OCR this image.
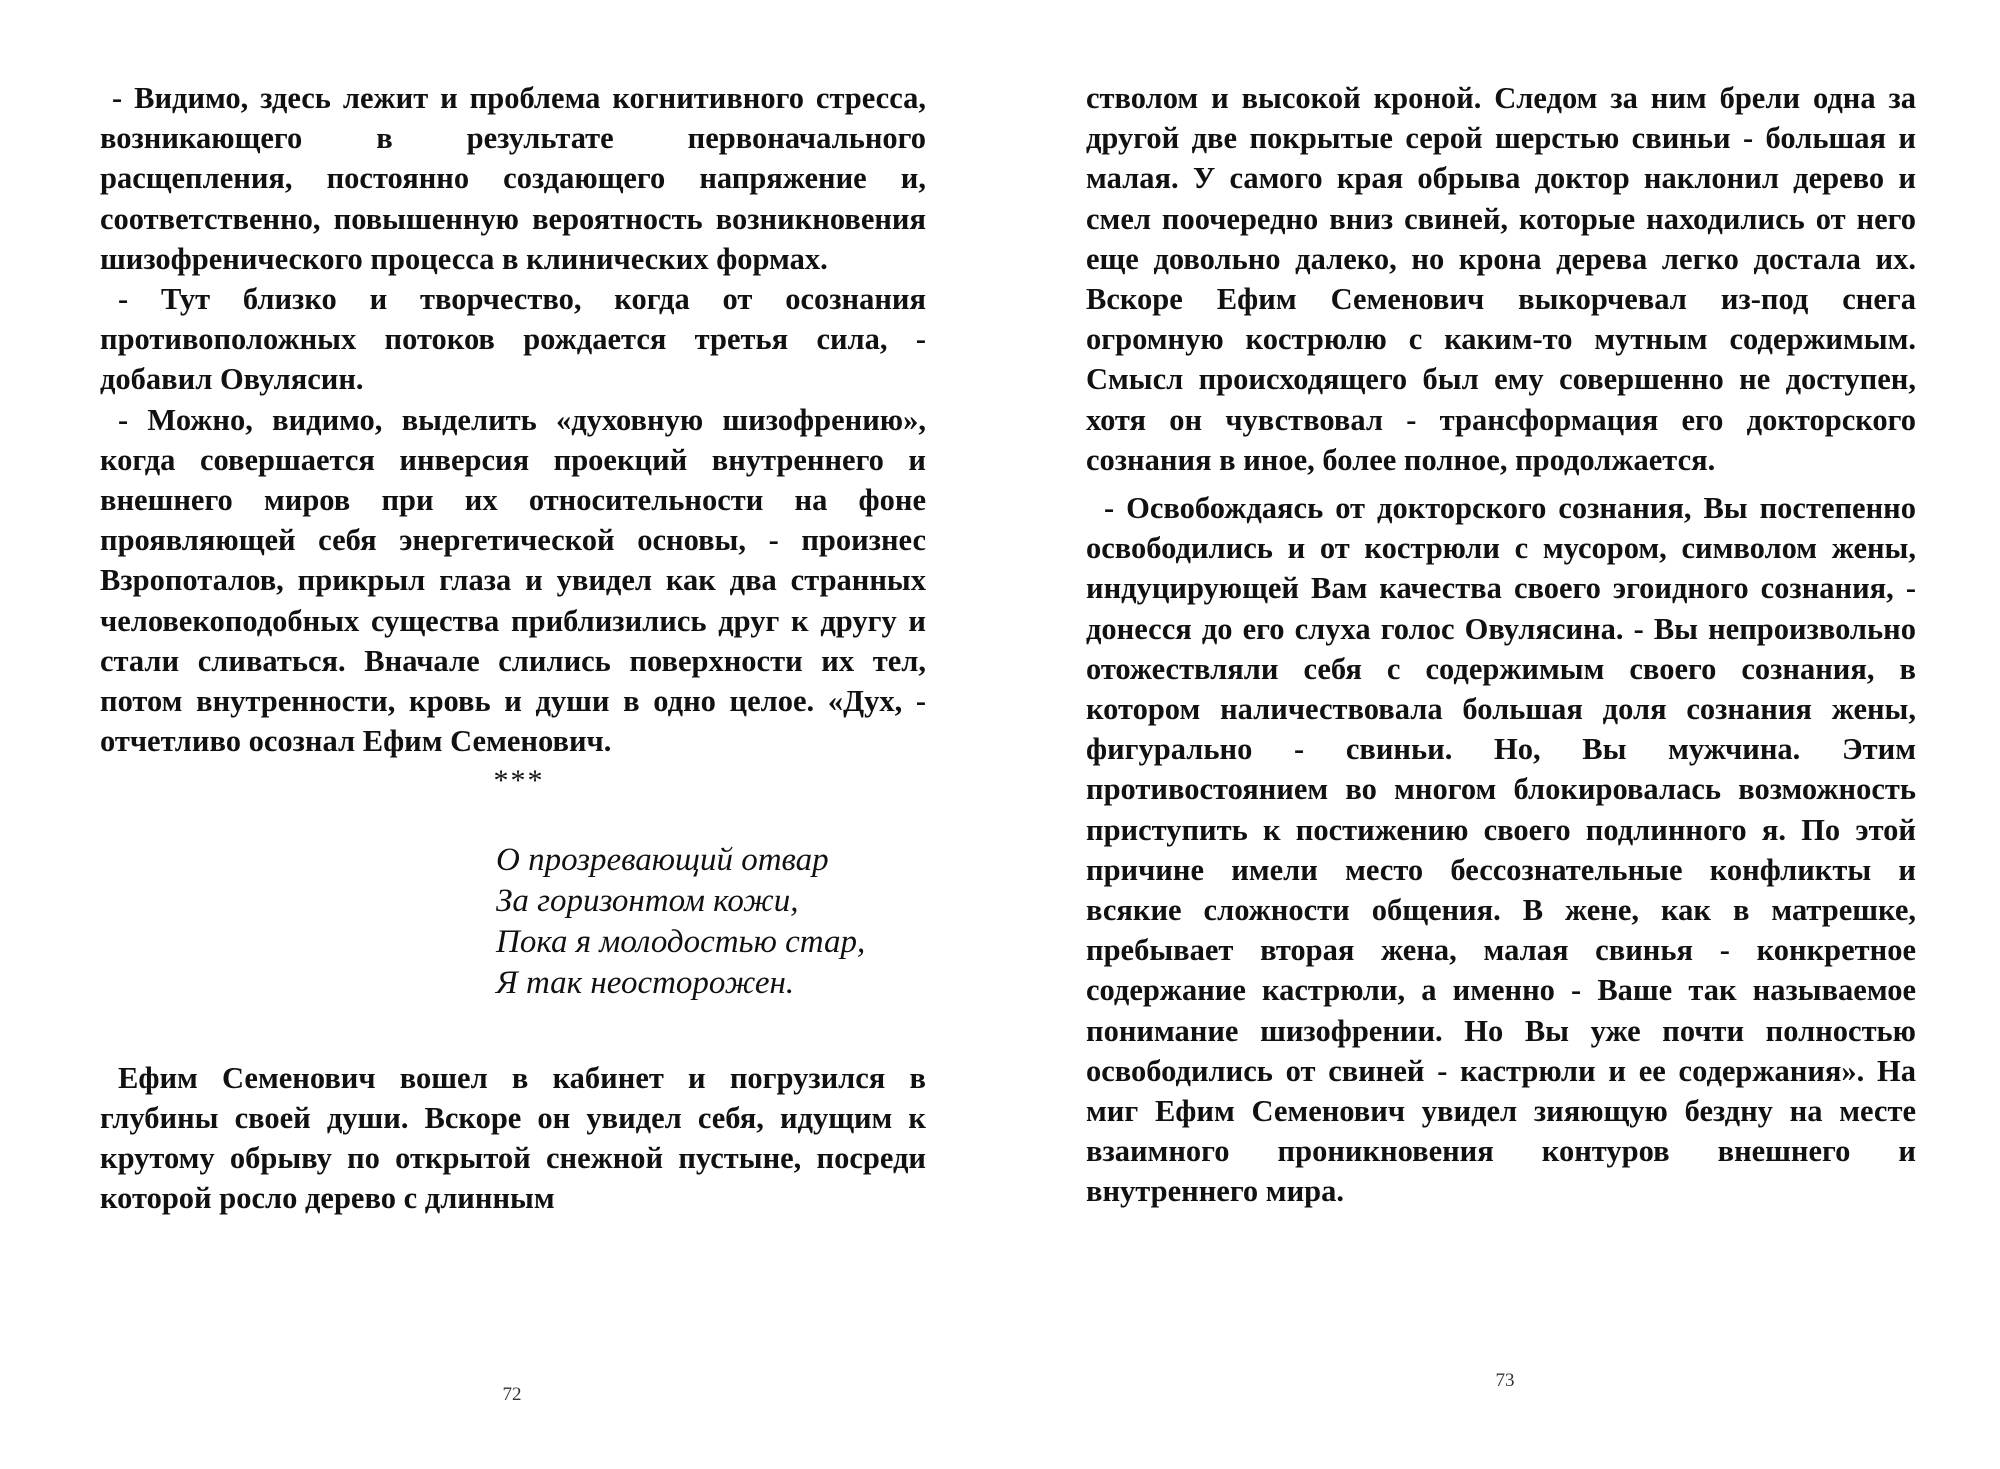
- Видимо, здесь лежит и проблема когнитивного стресса, возникающего в результате первоначального расщепления, постоянно создающего напряжение и, соответственно, повышенную вероятность возникновения шизофренического процесса в клинических формах.

- Тут близко и творчество, когда от осознания противоположных потоков рождается третья сила, - добавил Овулясин.

- Можно, видимо, выделить «духовную шизофрению», когда совершается инверсия проекций внутреннего и внешнего миров при их относительности на фоне проявляющей себя энергетической основы, - произнес Взропоталов, прикрыл глаза и увидел как два странных человекоподобных существа приблизились друг к другу и стали сливаться. Вначале слились поверхности их тел, потом внутренности, кровь и души в одно целое. «Дух, - отчетливо осознал Ефим Семенович.

***

О прозревающий отвар
За горизонтом кожи,
Пока я молодостью стар,
Я так неосторожен.

Ефим Семенович вошел в кабинет и погрузился в глубины своей души. Вскоре он увидел себя, идущим к крутому обрыву по открытой снежной пустыне, посреди которой росло дерево с длинным

72

стволом и высокой кроной. Следом за ним брели одна за другой две покрытые серой шерстью свиньи - большая и малая. У самого края обрыва доктор наклонил дерево и смел поочередно вниз свиней, которые находились от него еще довольно далеко, но крона дерева легко достала их. Вскоре Ефим Семенович выкорчевал из-под снега огромную кострюлю с каким-то мутным содержимым. Смысл происходящего был ему совершенно не доступен, хотя он чувствовал - трансформация его докторского сознания в иное, более полное, продолжается.

- Освобождаясь от докторского сознания, Вы постепенно освободились и от кострюли с мусором, символом жены, индуцирующей Вам качества своего эгоидного сознания, - донесся до его слуха голос Овулясина. - Вы непроизвольно отожествляли себя с содержимым своего сознания, в котором наличествовала большая доля сознания жены, фигурально - свиньи. Но, Вы мужчина. Этим противостоянием во многом блокировалась возможность приступить к постижению своего подлинного я. По этой причине имели место бессознательные конфликты и всякие сложности общения. В жене, как в матрешке, пребывает вторая жена, малая свинья - конкретное содержание кастрюли, а именно - Ваше так называемое понимание шизофрении. Но Вы уже почти полностью освободились от свиней - кастрюли и ее содержания». На миг Ефим Семенович увидел зияющую бездну на месте взаимного проникновения контуров внешнего и внутреннего мира.

73
